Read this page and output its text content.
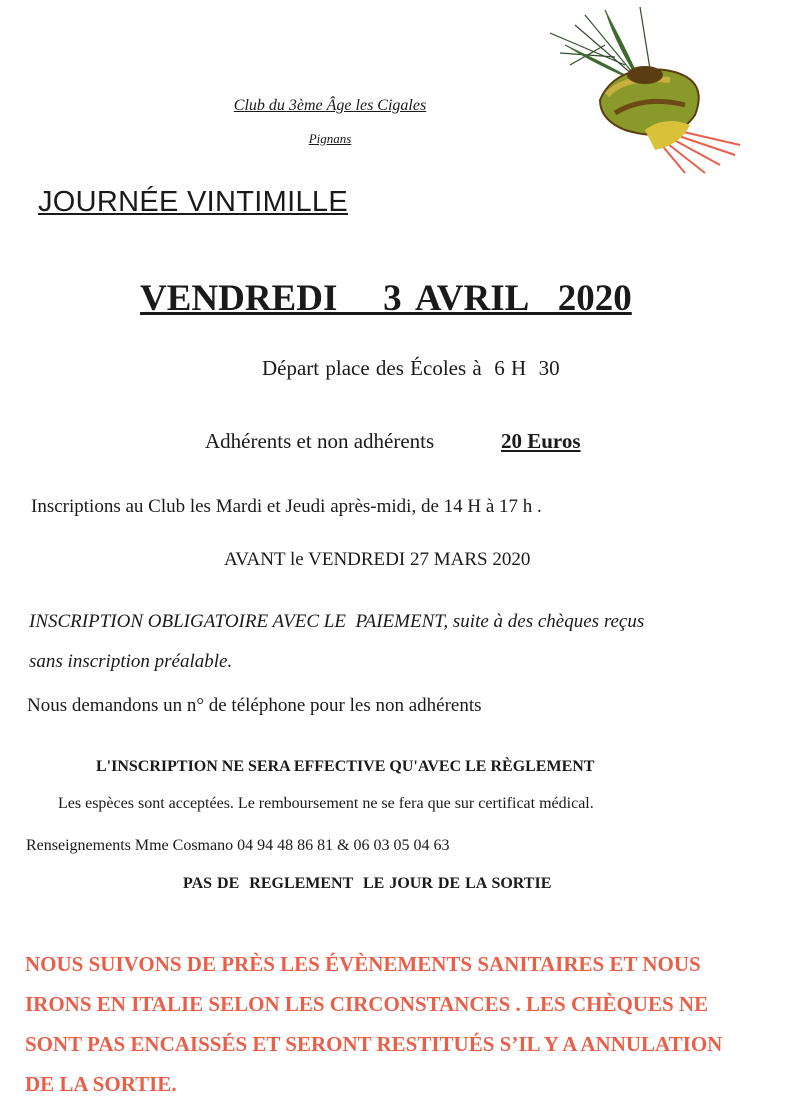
Club du 3ème Âge les Cigales
Pignans
JOURNÉE VINTIMILLE
VENDREDI   3 AVRIL  2020
Départ place des Écoles à  6 H  30
Adhérents et non adhérents	20 Euros
Inscriptions au Club les Mardi et Jeudi après-midi, de 14 H à 17 h .
AVANT le VENDREDI 27 MARS 2020
INSCRIPTION OBLIGATOIRE AVEC LE  PAIEMENT, suite à des chèques reçus
sans inscription préalable.
Nous demandons un n° de téléphone pour les non adhérents
L'INSCRIPTION NE SERA EFFECTIVE QU'AVEC LE RÈGLEMENT
Les espèces sont acceptées. Le remboursement ne se fera que sur certificat médical.
Renseignements Mme Cosmano 04 94 48 86 81 & 06 03 05 04 63
PAS DE  REGLEMENT  LE JOUR DE LA SORTIE
NOUS SUIVONS DE PRÈS LES ÉVÈNEMENTS SANITAIRES ET NOUS
IRONS EN ITALIE SELON LES CIRCONSTANCES . LES CHÈQUES NE
SONT PAS ENCAISSÉS ET SERONT RESTITUÉS S’IL Y A ANNULATION
DE LA SORTIE.
